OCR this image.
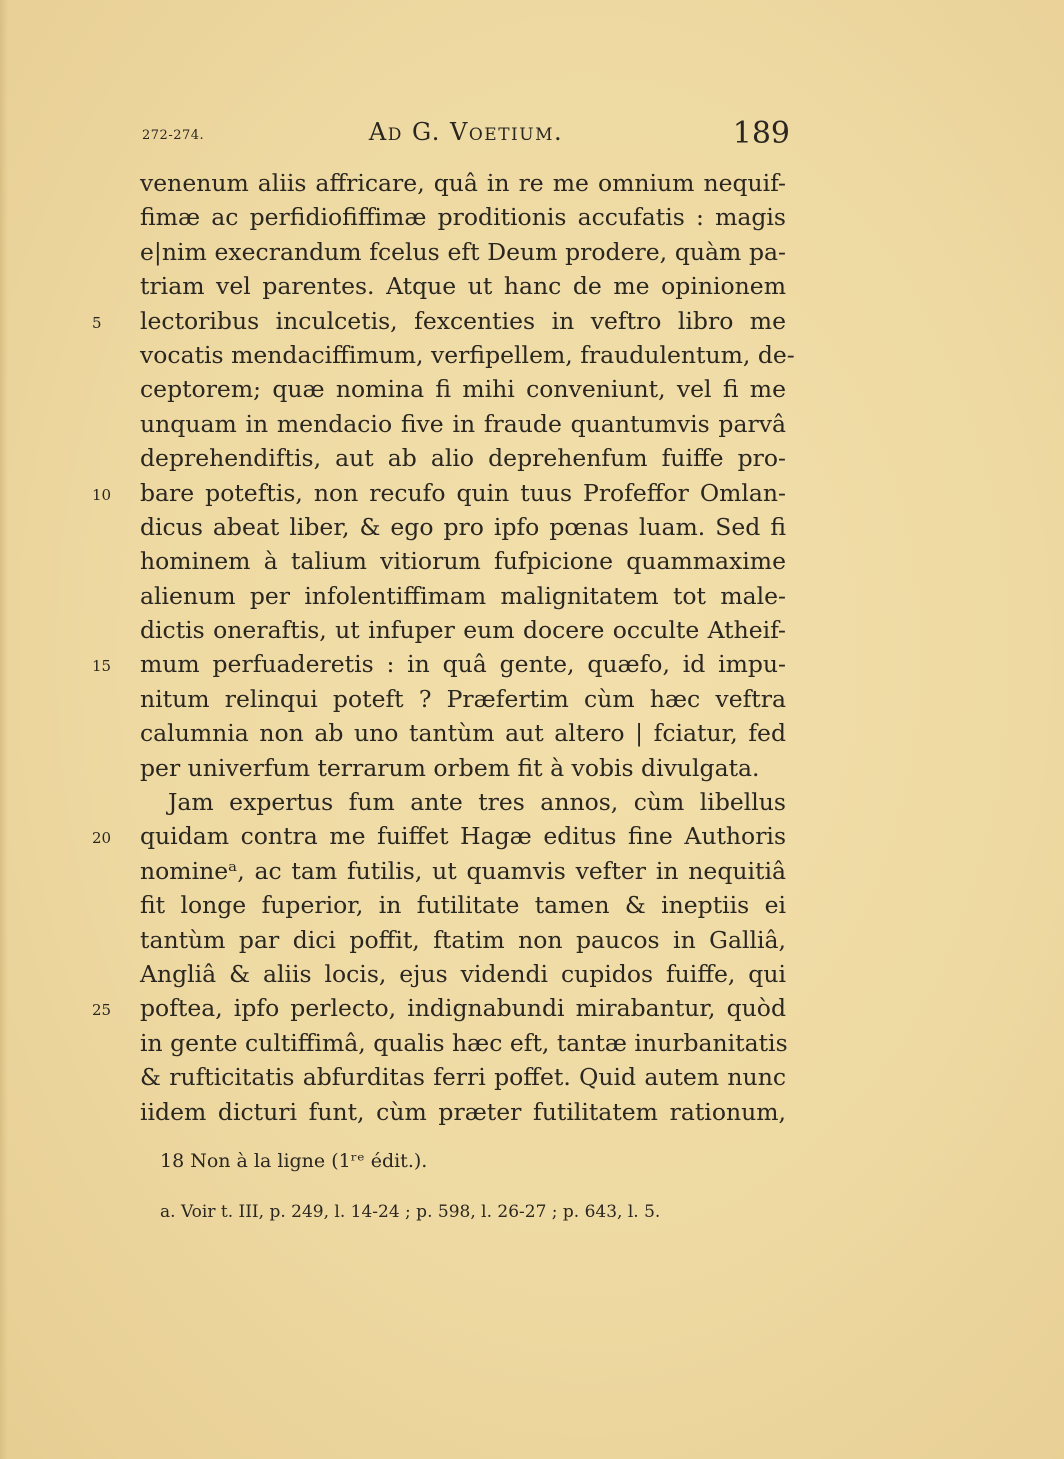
272-274.	Ad G. Voetium.	189
venenum aliis affricare, quâ in re me omnium nequif-
fimæ ac perfidiofiffimæ proditionis accufatis : magis
e|nim execrandum fcelus eft Deum prodere, quàm pa-
triam vel parentes. Atque ut hanc de me opinionem
5	lectoribus inculcetis, fexcenties in veftro libro me
vocatis mendaciffimum, verfipellem, fraudulentum, de-
ceptorem; quæ nomina fi mihi conveniunt, vel fi me
unquam in mendacio five in fraude quantumvis parvâ
deprehendiftis, aut ab alio deprehenfum fuiffe pro-
10	bare poteftis, non recufo quin tuus Profeffor Omlan-
dicus abeat liber, & ego pro ipfo pœnas luam. Sed fi
hominem à talium vitiorum fufpicione quammaxime
alienum per infolentiffimam malignitatem tot male-
dictis oneraftis, ut infuper eum docere occulte Atheif-
15	mum perfuaderetis : in quâ gente, quæfo, id impu-
nitum relinqui poteft ? Præfertim cùm hæc veftra
calumnia non ab uno tantùm aut altero | fciatur, fed
per univerfum terrarum orbem fit à vobis divulgata.
Jam expertus fum ante tres annos, cùm libellus
20	quidam contra me fuiffet Hagæ editus fine Authoris
nomineᵃ, ac tam futilis, ut quamvis vefter in nequitiâ
fit longe fuperior, in futilitate tamen & ineptiis ei
tantùm par dici poffit, ftatim non paucos in Galliâ,
Angliâ & aliis locis, ejus videndi cupidos fuiffe, qui
25	poftea, ipfo perlecto, indignabundi mirabantur, quòd
in gente cultiffimâ, qualis hæc eft, tantæ inurbanitatis
& rufticitatis abfurditas ferri poffet. Quid autem nunc
iidem dicturi funt, cùm præter futilitatem rationum,
18 Non à la ligne (1ʳᵉ édit.).
a. Voir t. III, p. 249, l. 14-24 ; p. 598, l. 26-27 ; p. 643, l. 5.
